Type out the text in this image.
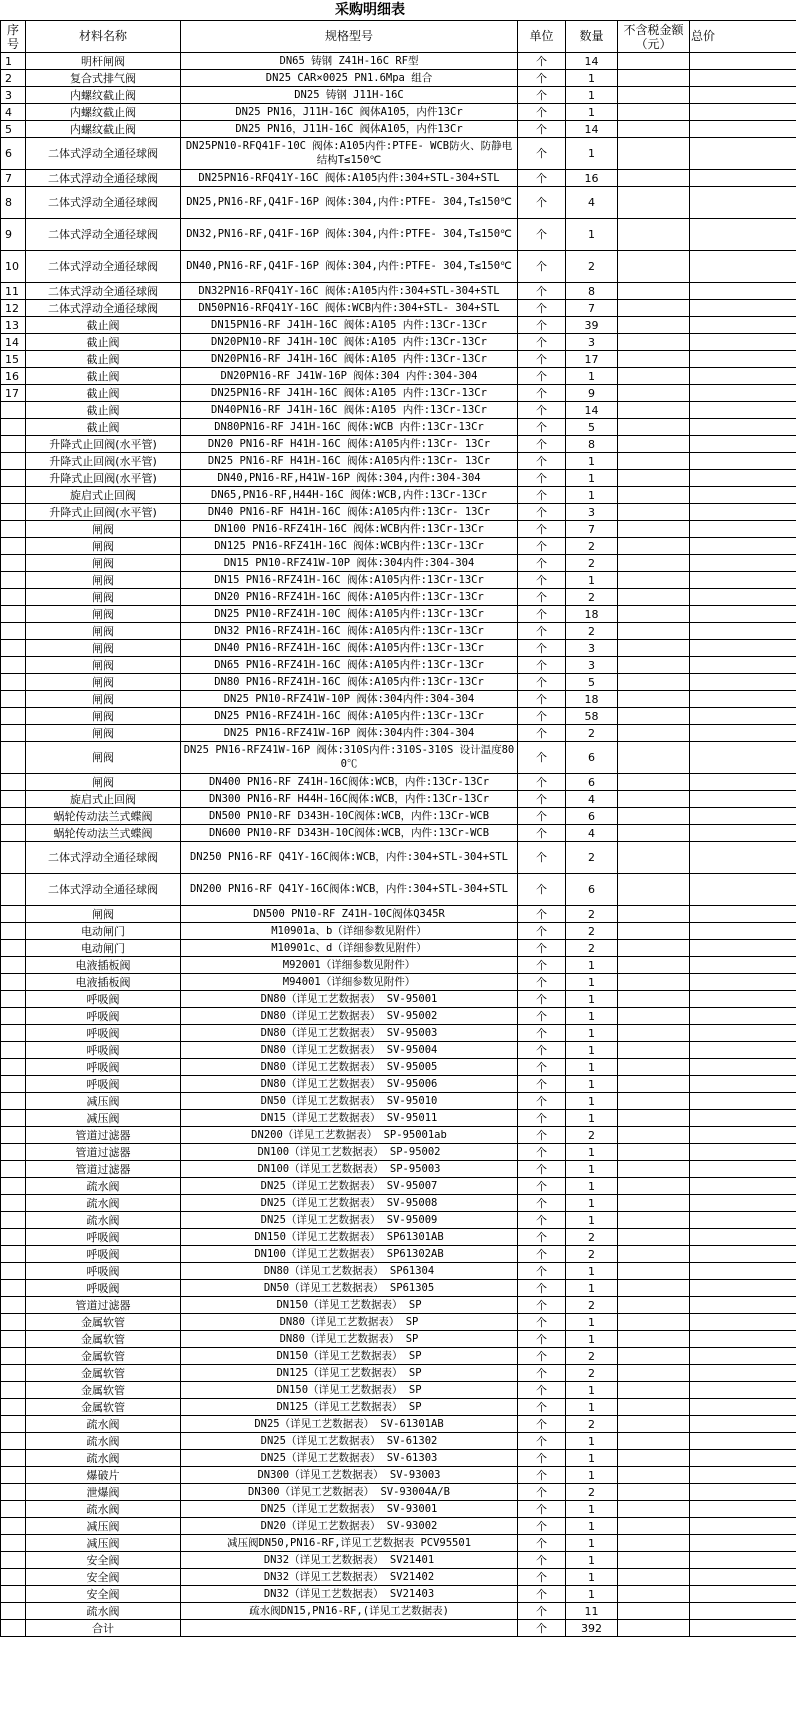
采购明细表
序号	材料名称	规格型号	单位	数量	不含税金额（元）	总价
1	明杆闸阀	DN65 铸钢 Z41H-16C RF型	个	14		
2	复合式排气阀	DN25 CAR×0025 PN1.6Mpa 组合	个	1		
3	内螺纹截止阀	DN25 铸钢 J11H-16C	个	1		
4	内螺纹截止阀	DN25 PN16，J11H-16C 阀体A105，内件13Cr	个	1		
5	内螺纹截止阀	DN25 PN16，J11H-16C 阀体A105，内件13Cr	个	14		
6	二体式浮动全通径球阀	DN25PN10-RFQ41F-10C 阀体:A105内件:PTFE- WCB防火、防静电结构T≤150℃	个	1		
7	二体式浮动全通径球阀	DN25PN16-RFQ41Y-16C 阀体:A105内件:304+STL-304+STL	个	16		
8	二体式浮动全通径球阀	DN25,PN16-RF,Q41F-16P 阀体:304,内件:PTFE- 304,T≤150℃	个	4		
9	二体式浮动全通径球阀	DN32,PN16-RF,Q41F-16P 阀体:304,内件:PTFE- 304,T≤150℃	个	1		
10	二体式浮动全通径球阀	DN40,PN16-RF,Q41F-16P 阀体:304,内件:PTFE- 304,T≤150℃	个	2		
11	二体式浮动全通径球阀	DN32PN16-RFQ41Y-16C 阀体:A105内件:304+STL-304+STL	个	8		
12	二体式浮动全通径球阀	DN50PN16-RFQ41Y-16C 阀体:WCB内件:304+STL- 304+STL	个	7		
13	截止阀	DN15PN16-RF J41H-16C 阀体:A105 内件:13Cr-13Cr	个	39		
14	截止阀	DN20PN10-RF J41H-10C 阀体:A105 内件:13Cr-13Cr	个	3		
15	截止阀	DN20PN16-RF J41H-16C 阀体:A105 内件:13Cr-13Cr	个	17		
16	截止阀	DN20PN16-RF J41W-16P 阀体:304 内件:304-304	个	1		
17	截止阀	DN25PN16-RF J41H-16C 阀体:A105 内件:13Cr-13Cr	个	9		
	截止阀	DN40PN16-RF J41H-16C 阀体:A105 内件:13Cr-13Cr	个	14		
	截止阀	DN80PN16-RF J41H-16C 阀体:WCB 内件:13Cr-13Cr	个	5		
	升降式止回阀(水平管)	DN20 PN16-RF H41H-16C 阀体:A105内件:13Cr- 13Cr	个	8		
	升降式止回阀(水平管)	DN25 PN16-RF H41H-16C 阀体:A105内件:13Cr- 13Cr	个	1		
	升降式止回阀(水平管)	DN40,PN16-RF,H41W-16P 阀体:304,内件:304-304	个	1		
	旋启式止回阀	DN65,PN16-RF,H44H-16C 阀体:WCB,内件:13Cr-13Cr	个	1		
	升降式止回阀(水平管)	DN40 PN16-RF H41H-16C 阀体:A105内件:13Cr- 13Cr	个	3		
	闸阀	DN100 PN16-RFZ41H-16C 阀体:WCB内件:13Cr-13Cr	个	7		
	闸阀	DN125 PN16-RFZ41H-16C 阀体:WCB内件:13Cr-13Cr	个	2		
	闸阀	DN15 PN10-RFZ41W-10P 阀体:304内件:304-304	个	2		
	闸阀	DN15 PN16-RFZ41H-16C 阀体:A105内件:13Cr-13Cr	个	1		
	闸阀	DN20 PN16-RFZ41H-16C 阀体:A105内件:13Cr-13Cr	个	2		
	闸阀	DN25 PN10-RFZ41H-10C 阀体:A105内件:13Cr-13Cr	个	18		
	闸阀	DN32 PN16-RFZ41H-16C 阀体:A105内件:13Cr-13Cr	个	2		
	闸阀	DN40 PN16-RFZ41H-16C 阀体:A105内件:13Cr-13Cr	个	3		
	闸阀	DN65 PN16-RFZ41H-16C 阀体:A105内件:13Cr-13Cr	个	3		
	闸阀	DN80 PN16-RFZ41H-16C 阀体:A105内件:13Cr-13Cr	个	5		
	闸阀	DN25 PN10-RFZ41W-10P 阀体:304内件:304-304	个	18		
	闸阀	DN25 PN16-RFZ41H-16C 阀体:A105内件:13Cr-13Cr	个	58		
	闸阀	DN25 PN16-RFZ41W-16P 阀体:304内件:304-304	个	2		
	闸阀	DN25 PN16-RFZ41W-16P 阀体:310S内件:310S-310S 设计温度800℃	个	6		
	闸阀	DN400 PN16-RF Z41H-16C阀体:WCB，内件:13Cr-13Cr	个	6		
	旋启式止回阀	DN300 PN16-RF H44H-16C阀体:WCB，内件:13Cr-13Cr	个	4		
	蜗轮传动法兰式蝶阀	DN500 PN10-RF D343H-10C阀体:WCB，内件:13Cr-WCB	个	6		
	蜗轮传动法兰式蝶阀	DN600 PN10-RF D343H-10C阀体:WCB，内件:13Cr-WCB	个	4		
	二体式浮动全通径球阀	DN250 PN16-RF Q41Y-16C阀体:WCB，内件:304+STL-304+STL	个	2		
	二体式浮动全通径球阀	DN200 PN16-RF Q41Y-16C阀体:WCB，内件:304+STL-304+STL	个	6		
	闸阀	DN500 PN10-RF Z41H-10C阀体Q345R	个	2		
	电动闸门	M10901a、b（详细参数见附件）	个	2		
	电动闸门	M10901c、d（详细参数见附件）	个	2		
	电液插板阀	M92001（详细参数见附件）	个	1		
	电液插板阀	M94001（详细参数见附件）	个	1		
	呼吸阀	DN80（详见工艺数据表） SV-95001	个	1		
	呼吸阀	DN80（详见工艺数据表） SV-95002	个	1		
	呼吸阀	DN80（详见工艺数据表） SV-95003	个	1		
	呼吸阀	DN80（详见工艺数据表） SV-95004	个	1		
	呼吸阀	DN80（详见工艺数据表） SV-95005	个	1		
	呼吸阀	DN80（详见工艺数据表） SV-95006	个	1		
	减压阀	DN50（详见工艺数据表） SV-95010	个	1		
	减压阀	DN15（详见工艺数据表） SV-95011	个	1		
	管道过滤器	DN200（详见工艺数据表） SP-95001ab	个	2		
	管道过滤器	DN100（详见工艺数据表） SP-95002	个	1		
	管道过滤器	DN100（详见工艺数据表） SP-95003	个	1		
	疏水阀	DN25（详见工艺数据表） SV-95007	个	1		
	疏水阀	DN25（详见工艺数据表） SV-95008	个	1		
	疏水阀	DN25（详见工艺数据表） SV-95009	个	1		
	呼吸阀	DN150（详见工艺数据表） SP61301AB	个	2		
	呼吸阀	DN100（详见工艺数据表） SP61302AB	个	2		
	呼吸阀	DN80（详见工艺数据表） SP61304	个	1		
	呼吸阀	DN50（详见工艺数据表） SP61305	个	1		
	管道过滤器	DN150（详见工艺数据表） SP	个	2		
	金属软管	DN80（详见工艺数据表） SP	个	1		
	金属软管	DN80（详见工艺数据表） SP	个	1		
	金属软管	DN150（详见工艺数据表） SP	个	2		
	金属软管	DN125（详见工艺数据表） SP	个	2		
	金属软管	DN150（详见工艺数据表） SP	个	1		
	金属软管	DN125（详见工艺数据表） SP	个	1		
	疏水阀	DN25（详见工艺数据表） SV-61301AB	个	2		
	疏水阀	DN25（详见工艺数据表） SV-61302	个	1		
	疏水阀	DN25（详见工艺数据表） SV-61303	个	1		
	爆破片	DN300（详见工艺数据表） SV-93003	个	1		
	泄爆阀	DN300（详见工艺数据表） SV-93004A/B	个	2		
	疏水阀	DN25（详见工艺数据表） SV-93001	个	1		
	减压阀	DN20（详见工艺数据表） SV-93002	个	1		
	减压阀	减压阀DN50,PN16-RF,详见工艺数据表 PCV95501	个	1		
	安全阀	DN32（详见工艺数据表） SV21401	个	1		
	安全阀	DN32（详见工艺数据表） SV21402	个	1		
	安全阀	DN32（详见工艺数据表） SV21403	个	1		
	疏水阀	疏水阀DN15,PN16-RF,(详见工艺数据表)	个	11		
	合计		个	392		
